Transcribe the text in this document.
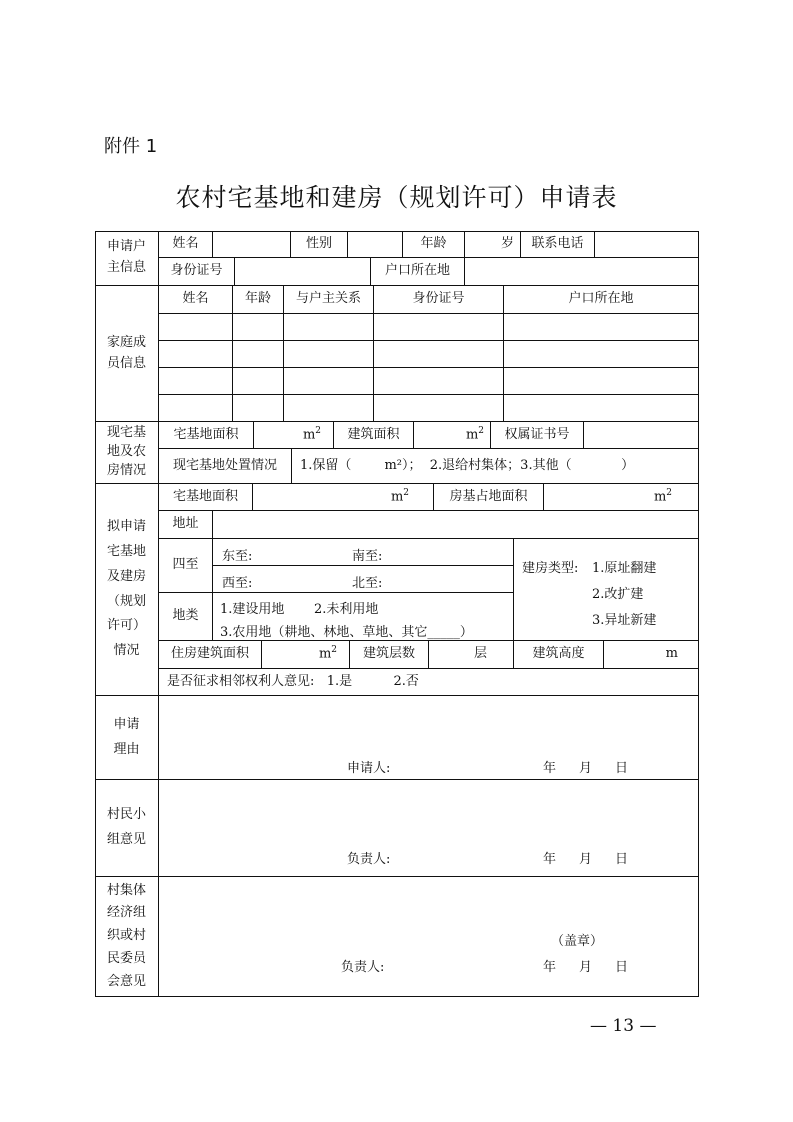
附件 1
农村宅基地和建房（规划许可）申请表
申请户
主信息
姓名	性别	年龄	岁	联系电话
身份证号	户口所在地
家庭成
员信息
姓名	年龄	与户主关系	身份证号	户口所在地
现宅基
地及农
房情况
宅基地面积	$m^2$	建筑面积	$m^2$	权属证书号
现宅基地处置情况	1.保留（        m²）；  2.退给村集体；3.其他（            ）
拟申请
宅基地
及建房
（规划
许可）
情况
宅基地面积	$m^2$	房基占地面积	$m^2$
地址
四至
东至:	南至:
西至:	北至:
地类	1.建设用地 2.未利用地
3.农用地（耕地、林地、草地、其它_____）
建房类型: 1.原址翻建
2.改扩建
3.异址新建
住房建筑面积	$m^2$	建筑层数	层	建筑高度	m
是否征求相邻权利人意见:   1.是          2.否
申请
理由
申请人:	年 月 日
村民小
组意见
负责人:	年 月 日
村集体
经济组
织或村
民委员
会意见
（盖章）
负责人:	年 月 日
— 13 —
